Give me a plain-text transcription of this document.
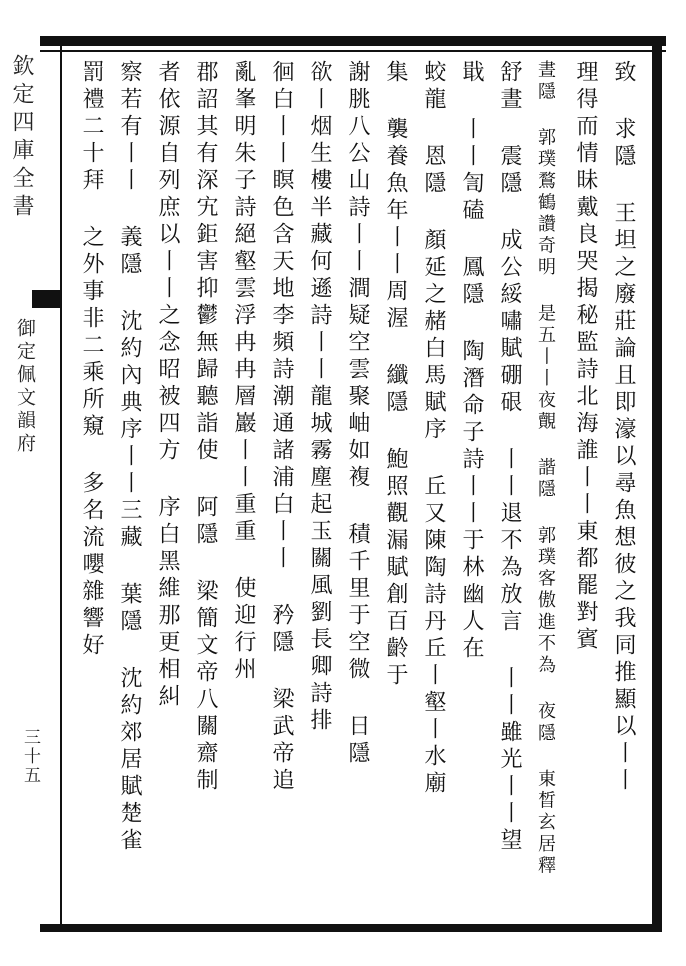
欽定四庫全書
御定佩文韻府
三十五	致 求隱 王坦之廢莊論且即濠以尋魚想彼之我同推顯以丨丨
理得而情昧戴良哭揭秘監詩北海誰丨丨東都罷對賓
晝隱 郭璞鶩鶴讚奇明 是五丨丨夜覿 諧隱 郭璞客傲進不為 夜隱 東晳玄居釋
舒晝 震隱 成公綏嘯賦硼硍 丨丨退不為放言 丨丨雖光丨丨望
戢 丨丨訇磕 鳳隱 陶潛命子詩丨丨于林幽人在
蛟龍 恩隱 顏延之赭白馬賦序 丘又陳陶詩丹丘丨壑丨水廟
集 襲養魚年丨丨周渥 纖隱 鮑照觀漏賦創百齡于
謝朓八公山詩丨丨澗疑空雲聚岫如複 積千里于空微 日隱
欲丨烟生樓半藏何遜詩丨丨龍城霧塵起玉關風劉長卿詩排
徊白丨丨瞑色含天地李頻詩潮通諸浦白丨丨 矜隱 梁武帝追
亂峯明朱子詩絕壑雲浮冉冉層巖丨丨重重 使迎行州
郡詔其有深宄鉅害抑鬱無歸聽詣使 阿隱 梁簡文帝八關齋制
者依源自列庶以丨丨之念昭被四方 序白黑維那更相糾
察若有丨丨 義隱 沈約內典序丨丨三藏 葉隱 沈約郊居賦楚雀
罰禮二十拜 之外事非二乘所窺 多名流嚶雜響好
